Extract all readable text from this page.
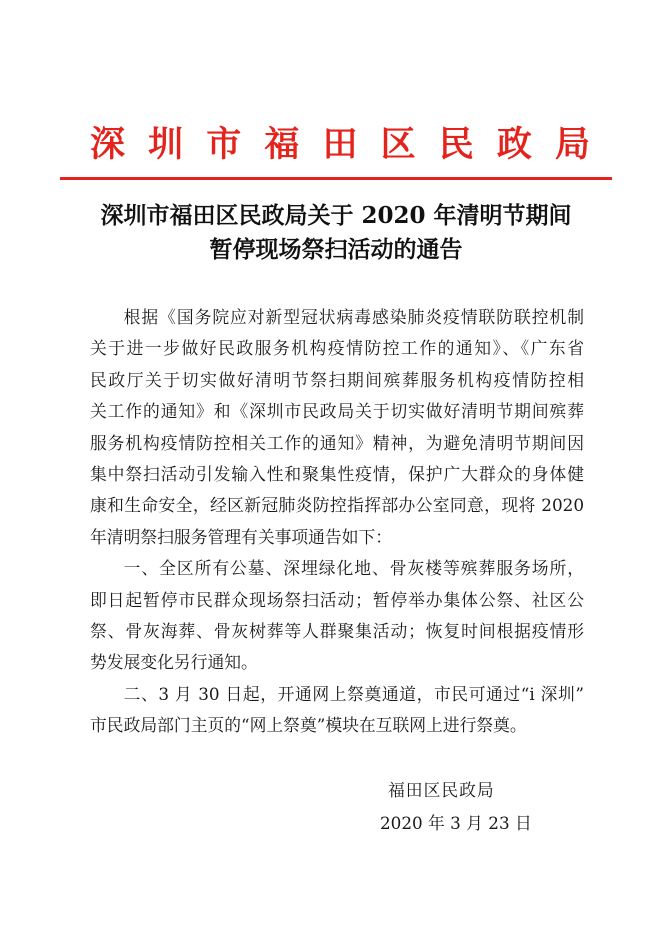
深圳市福田区民政局
深圳市福田区民政局关于 2020 年清明节期间
暂停现场祭扫活动的通告
根据《国务院应对新型冠状病毒感染肺炎疫情联防联控机制
关于进一步做好民政服务机构疫情防控工作的通知》、《广东省
民政厅关于切实做好清明节祭扫期间殡葬服务机构疫情防控相
关工作的通知》和《深圳市民政局关于切实做好清明节期间殡葬
服务机构疫情防控相关工作的通知》精神，为避免清明节期间因
集中祭扫活动引发输入性和聚集性疫情，保护广大群众的身体健
康和生命安全，经区新冠肺炎防控指挥部办公室同意，现将 2020
年清明祭扫服务管理有关事项通告如下：
一、全区所有公墓、深埋绿化地、骨灰楼等殡葬服务场所，
即日起暂停市民群众现场祭扫活动；暂停举办集体公祭、社区公
祭、骨灰海葬、骨灰树葬等人群聚集活动；恢复时间根据疫情形
势发展变化另行通知。
二、3 月 30 日起，开通网上祭奠通道，市民可通过“i 深圳”
市民政局部门主页的“网上祭奠”模块在互联网上进行祭奠。
福田区民政局
2020 年 3 月 23 日
